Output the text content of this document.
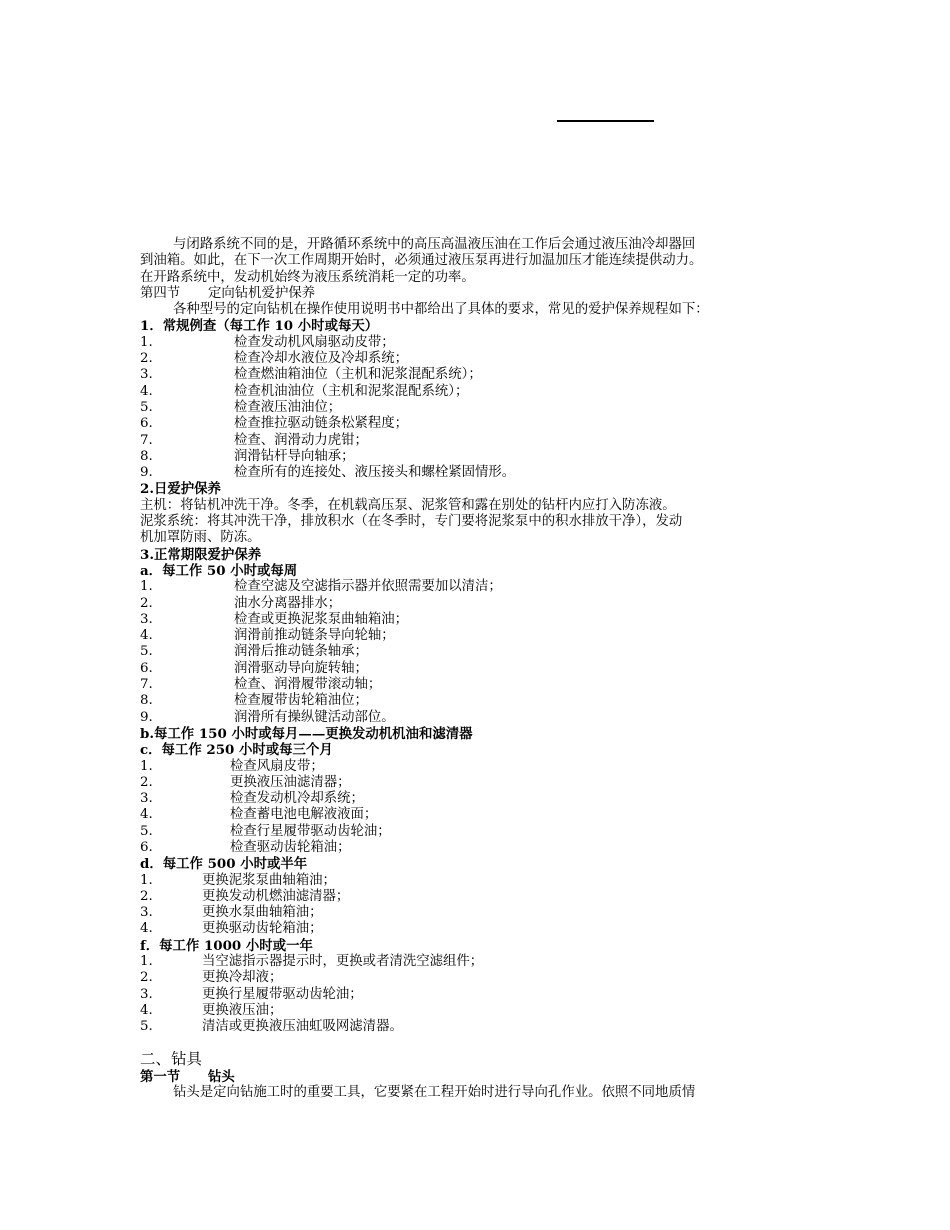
与闭路系统不同的是，开路循环系统中的高压高温液压油在工作后会通过液压油冷却器回
到油箱。如此，在下一次工作周期开始时，必须通过液压泵再进行加温加压才能连续提供动力。
在开路系统中，发动机始终为液压系统消耗一定的功率。
第四节 定向钻机爱护保养
各种型号的定向钻机在操作使用说明书中都给出了具体的要求，常见的爱护保养规程如下：
1．常规例查（每工作 10 小时或每天）
1.	检查发动机风扇驱动皮带；
2.	检查冷却水液位及冷却系统；
3.	检查燃油箱油位（主机和泥浆混配系统）；
4.	检查机油油位（主机和泥浆混配系统）；
5.	检查液压油油位；
6.	检查推拉驱动链条松紧程度；
7.	检查、润滑动力虎钳；
8.	润滑钻杆导向轴承；
9.	检查所有的连接处、液压接头和螺栓紧固情形。
2.日爱护保养
主机：将钻机冲洗干净。冬季，在机载高压泵、泥浆管和露在别处的钻杆内应打入防冻液。
泥浆系统：将其冲洗干净，排放积水（在冬季时，专门要将泥浆泵中的积水排放干净），发动
机加罩防雨、防冻。
3.正常期限爱护保养
a．每工作 50 小时或每周
1.	检查空滤及空滤指示器并依照需要加以清洁；
2.	油水分离器排水；
3.	检查或更换泥浆泵曲轴箱油；
4.	润滑前推动链条导向轮轴；
5.	润滑后推动链条轴承；
6.	润滑驱动导向旋转轴；
7.	检查、润滑履带滚动轴；
8.	检查履带齿轮箱油位；
9.	润滑所有操纵键活动部位。
b.每工作 150 小时或每月——更换发动机机油和滤清器
c．每工作 250 小时或每三个月
1.	检查风扇皮带；
2.	更换液压油滤清器；
3.	检查发动机冷却系统；
4.	检查蓄电池电解液液面；
5.	检查行星履带驱动齿轮油；
6.	检查驱动齿轮箱油；
d．每工作 500 小时或半年
1.	更换泥浆泵曲轴箱油；
2.	更换发动机燃油滤清器；
3.	更换水泵曲轴箱油；
4.	更换驱动齿轮箱油；
f．每工作 1000 小时或一年
1.	当空滤指示器提示时，更换或者清洗空滤组件；
2.	更换冷却液；
3.	更换行星履带驱动齿轮油；
4.	更换液压油；
5.	清洁或更换液压油虹吸网滤清器。
二、钻具
第一节 钻头
钻头是定向钻施工时的重要工具，它要紧在工程开始时进行导向孔作业。依照不同地质情
